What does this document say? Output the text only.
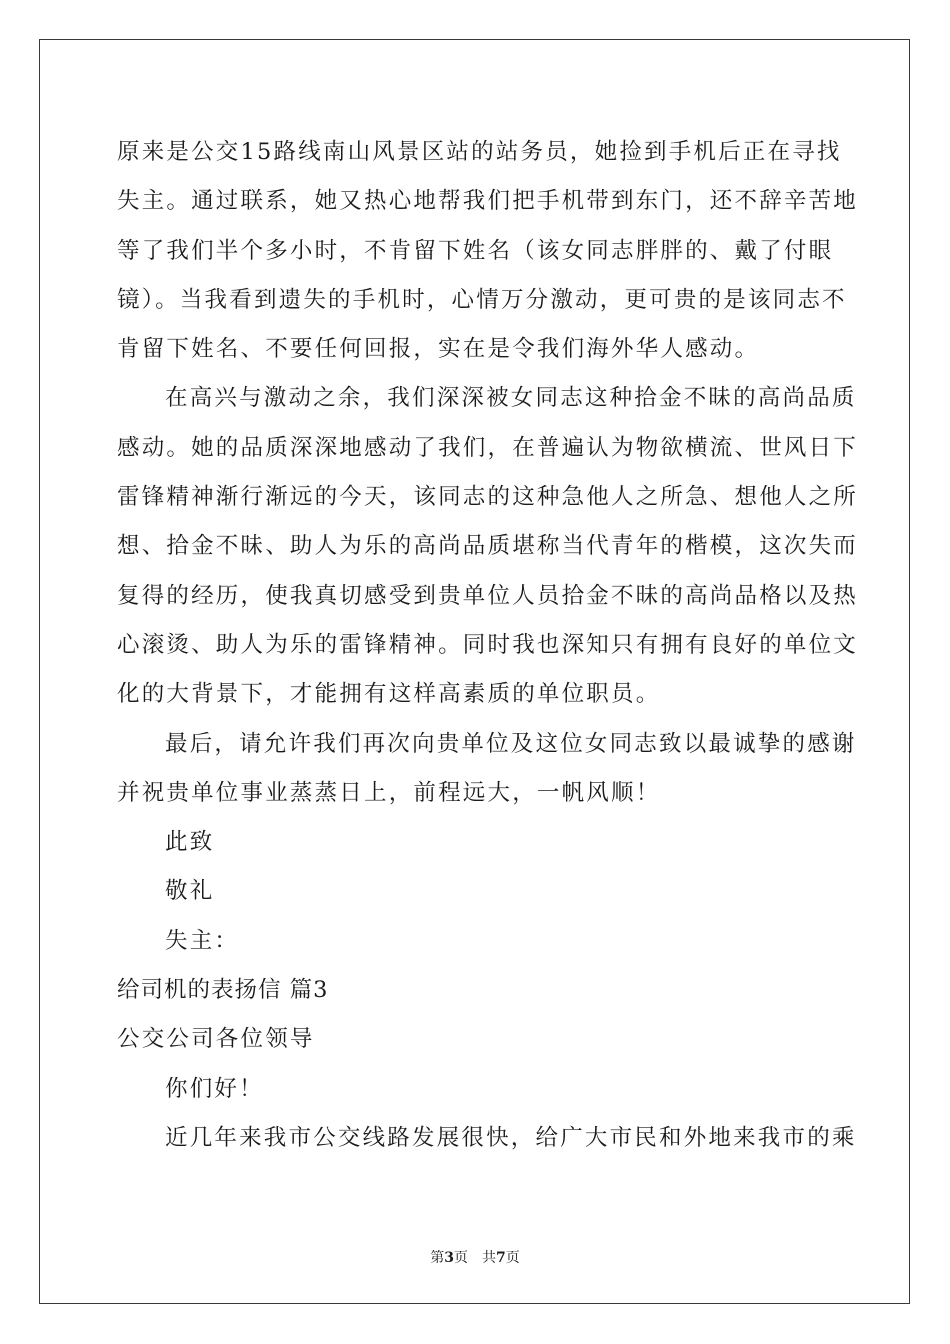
原来是公交15路线南山风景区站的站务员，她捡到手机后正在寻找
失主。通过联系，她又热心地帮我们把手机带到东门，还不辞辛苦地
等了我们半个多小时，不肯留下姓名（该女同志胖胖的、戴了付眼
镜）。当我看到遗失的手机时，心情万分激动，更可贵的是该同志不
肯留下姓名、不要任何回报，实在是令我们海外华人感动。
在高兴与激动之余，我们深深被女同志这种拾金不昧的高尚品质
感动。她的品质深深地感动了我们，在普遍认为物欲横流、世风日下
雷锋精神渐行渐远的今天，该同志的这种急他人之所急、想他人之所
想、拾金不昧、助人为乐的高尚品质堪称当代青年的楷模，这次失而
复得的经历，使我真切感受到贵单位人员拾金不昧的高尚品格以及热
心滚烫、助人为乐的雷锋精神。同时我也深知只有拥有良好的单位文
化的大背景下，才能拥有这样高素质的单位职员。
最后，请允许我们再次向贵单位及这位女同志致以最诚挚的感谢
并祝贵单位事业蒸蒸日上，前程远大，一帆风顺！
此致
敬礼
失主：
给司机的表扬信 篇3
公交公司各位领导
你们好！
近几年来我市公交线路发展很快，给广大市民和外地来我市的乘
第3页 共7页
